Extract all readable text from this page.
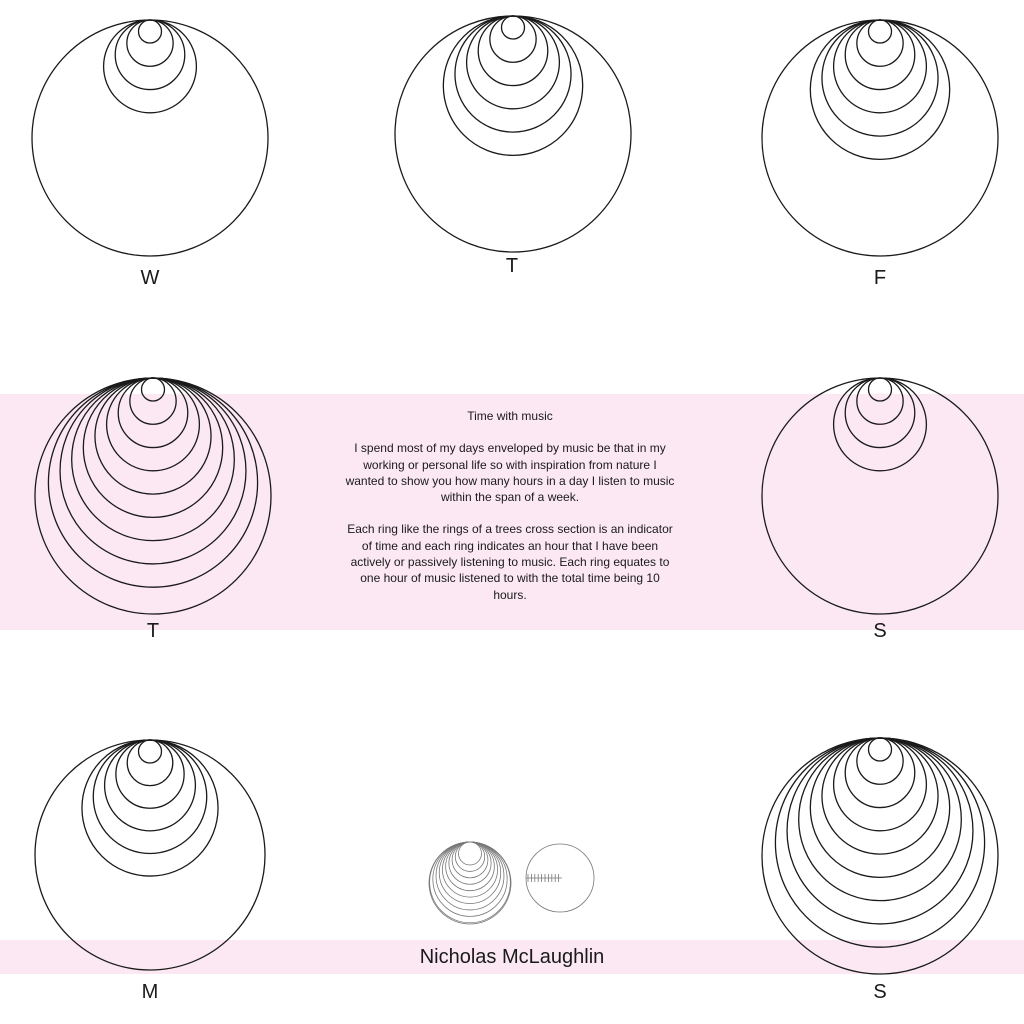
W
T
F
T	S
M	S

Time with music

I spend most of my days enveloped by music be that in my working or personal life so with inspiration from nature I wanted to show you how many hours in a day I listen to music within the span of a week.

Each ring like the rings of a trees cross section is an indicator of time and each ring indicates an hour that I have been actively or passively listening to music. Each ring equates to one hour of music listened to with the total time being 10 hours.

Nicholas McLaughlin
